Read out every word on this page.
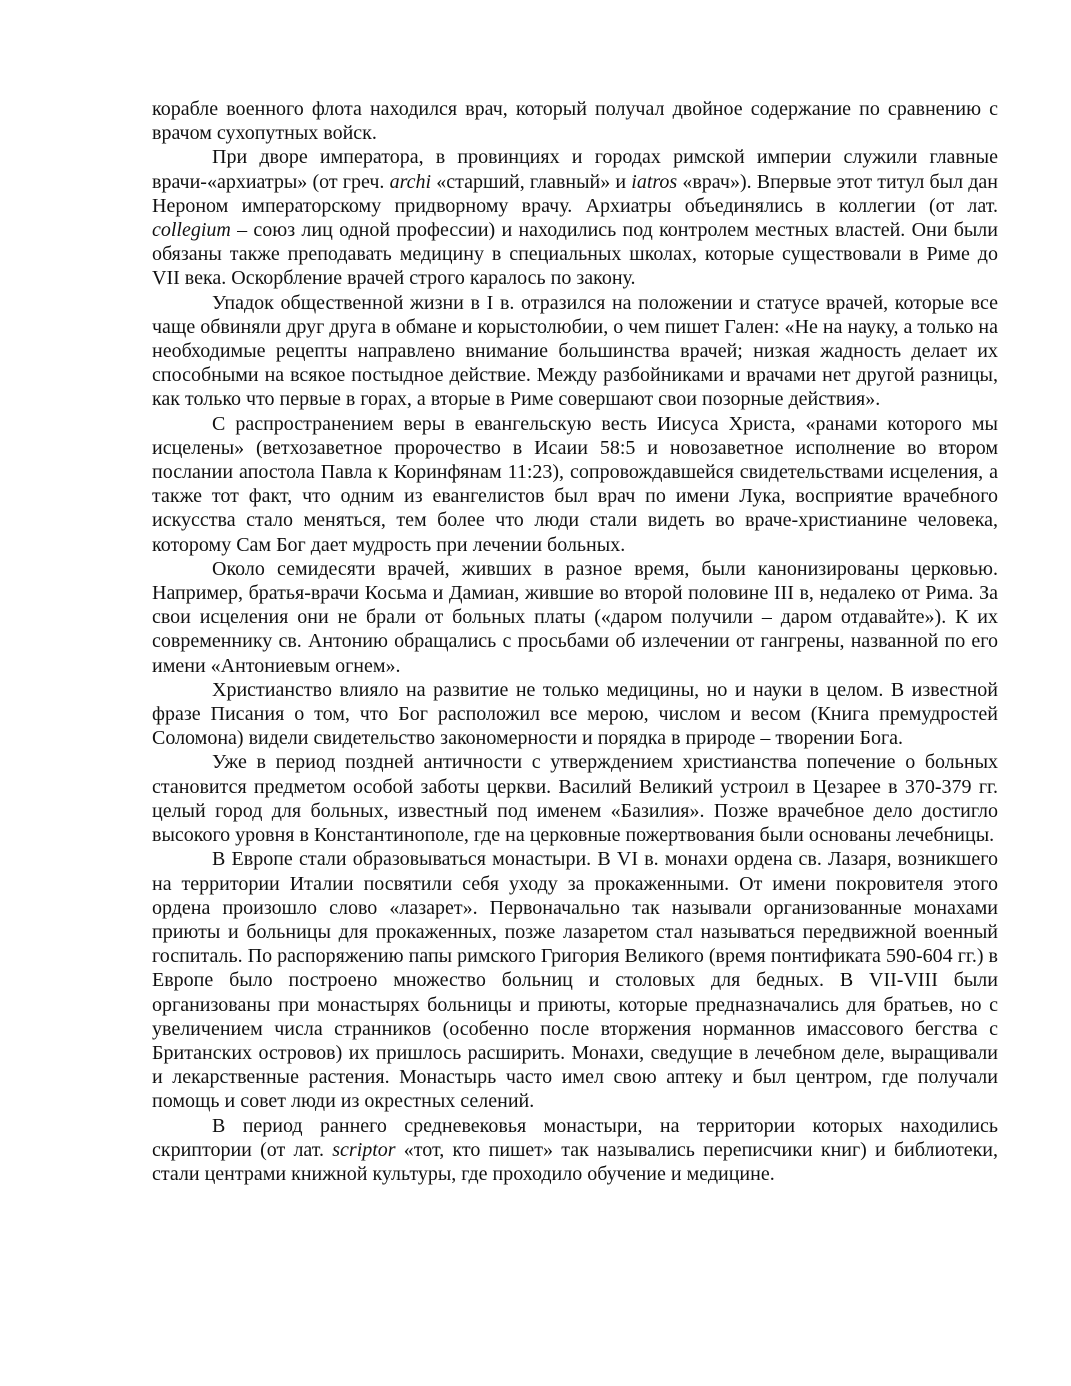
корабле военного флота находился врач, который получал двойное содержание по сравнению с врачом сухопутных войск.

При дворе императора, в провинциях и городах римской империи служили главные врачи-«архиатры» (от греч. archi «старший, главный» и iatros «врач»). Впервые этот титул был дан Нероном императорскому придворному врачу. Архиатры объединялись в коллегии (от лат. collegium – союз лиц одной профессии) и находились под контролем местных властей. Они были обязаны также преподавать медицину в специальных школах, которые существовали в Риме до VII века. Оскорбление врачей строго каралось по закону.

Упадок общественной жизни в I в. отразился на положении и статусе врачей, которые все чаще обвиняли друг друга в обмане и корыстолюбии, о чем пишет Гален: «Не на науку, а только на необходимые рецепты направлено внимание большинства врачей; низкая жадность делает их способными на всякое постыдное действие. Между разбойниками и врачами нет другой разницы, как только что первые в горах, а вторые в Риме совершают свои позорные действия».

С распространением веры в евангельскую весть Иисуса Христа, «ранами которого мы исцелены» (ветхозаветное пророчество в Исаии 58:5 и новозаветное исполнение во втором послании апостола Павла к Коринфянам 11:23), сопровождавшейся свидетельствами исцеления, а также тот факт, что одним из евангелистов был врач по имени Лука, восприятие врачебного искусства стало меняться, тем более что люди стали видеть во враче-христианине человека, которому Сам Бог дает мудрость при лечении больных.

Около семидесяти врачей, живших в разное время, были канонизированы церковью. Например, братья-врачи Косьма и Дамиан, жившие во второй половине III в, недалеко от Рима. За свои исцеления они не брали от больных платы («даром получили – даром отдавайте»). К их современнику св. Антонию обращались с просьбами об излечении от гангрены, названной по его имени «Антониевым огнем».

Христианство влияло на развитие не только медицины, но и науки в целом. В известной фразе Писания о том, что Бог расположил все мерою, числом и весом (Книга премудростей Соломона) видели свидетельство закономерности и порядка в природе – творении Бога.

Уже в период поздней античности с утверждением христианства попечение о больных становится предметом особой заботы церкви. Василий Великий устроил в Цезарее в 370-379 гг. целый город для больных, известный под именем «Базилия». Позже врачебное дело достигло высокого уровня в Константинополе, где на церковные пожертвования были основаны лечебницы.

В Европе стали образовываться монастыри. В VI в. монахи ордена св. Лазаря, возникшего на территории Италии посвятили себя уходу за прокаженными. От имени покровителя этого ордена произошло слово «лазарет». Первоначально так называли организованные монахами приюты и больницы для прокаженных, позже лазаретом стал называться передвижной военный госпиталь. По распоряжению папы римского Григория Великого (время понтификата 590-604 гг.) в Европе было построено множество больниц и столовых для бедных. В VII-VIII были организованы при монастырях больницы и приюты, которые предназначались для братьев, но с увеличением числа странников (особенно после вторжения норманнов имассового бегства с Британских островов) их пришлось расширить. Монахи, сведущие в лечебном деле, выращивали и лекарственные растения. Монастырь часто имел свою аптеку и был центром, где получали помощь и совет люди из окрестных селений.

В период раннего средневековья монастыри, на территории которых находились скриптории (от лат. scriptor «тот, кто пишет» так назывались переписчики книг) и библиотеки, стали центрами книжной культуры, где проходило обучение и медицине.
